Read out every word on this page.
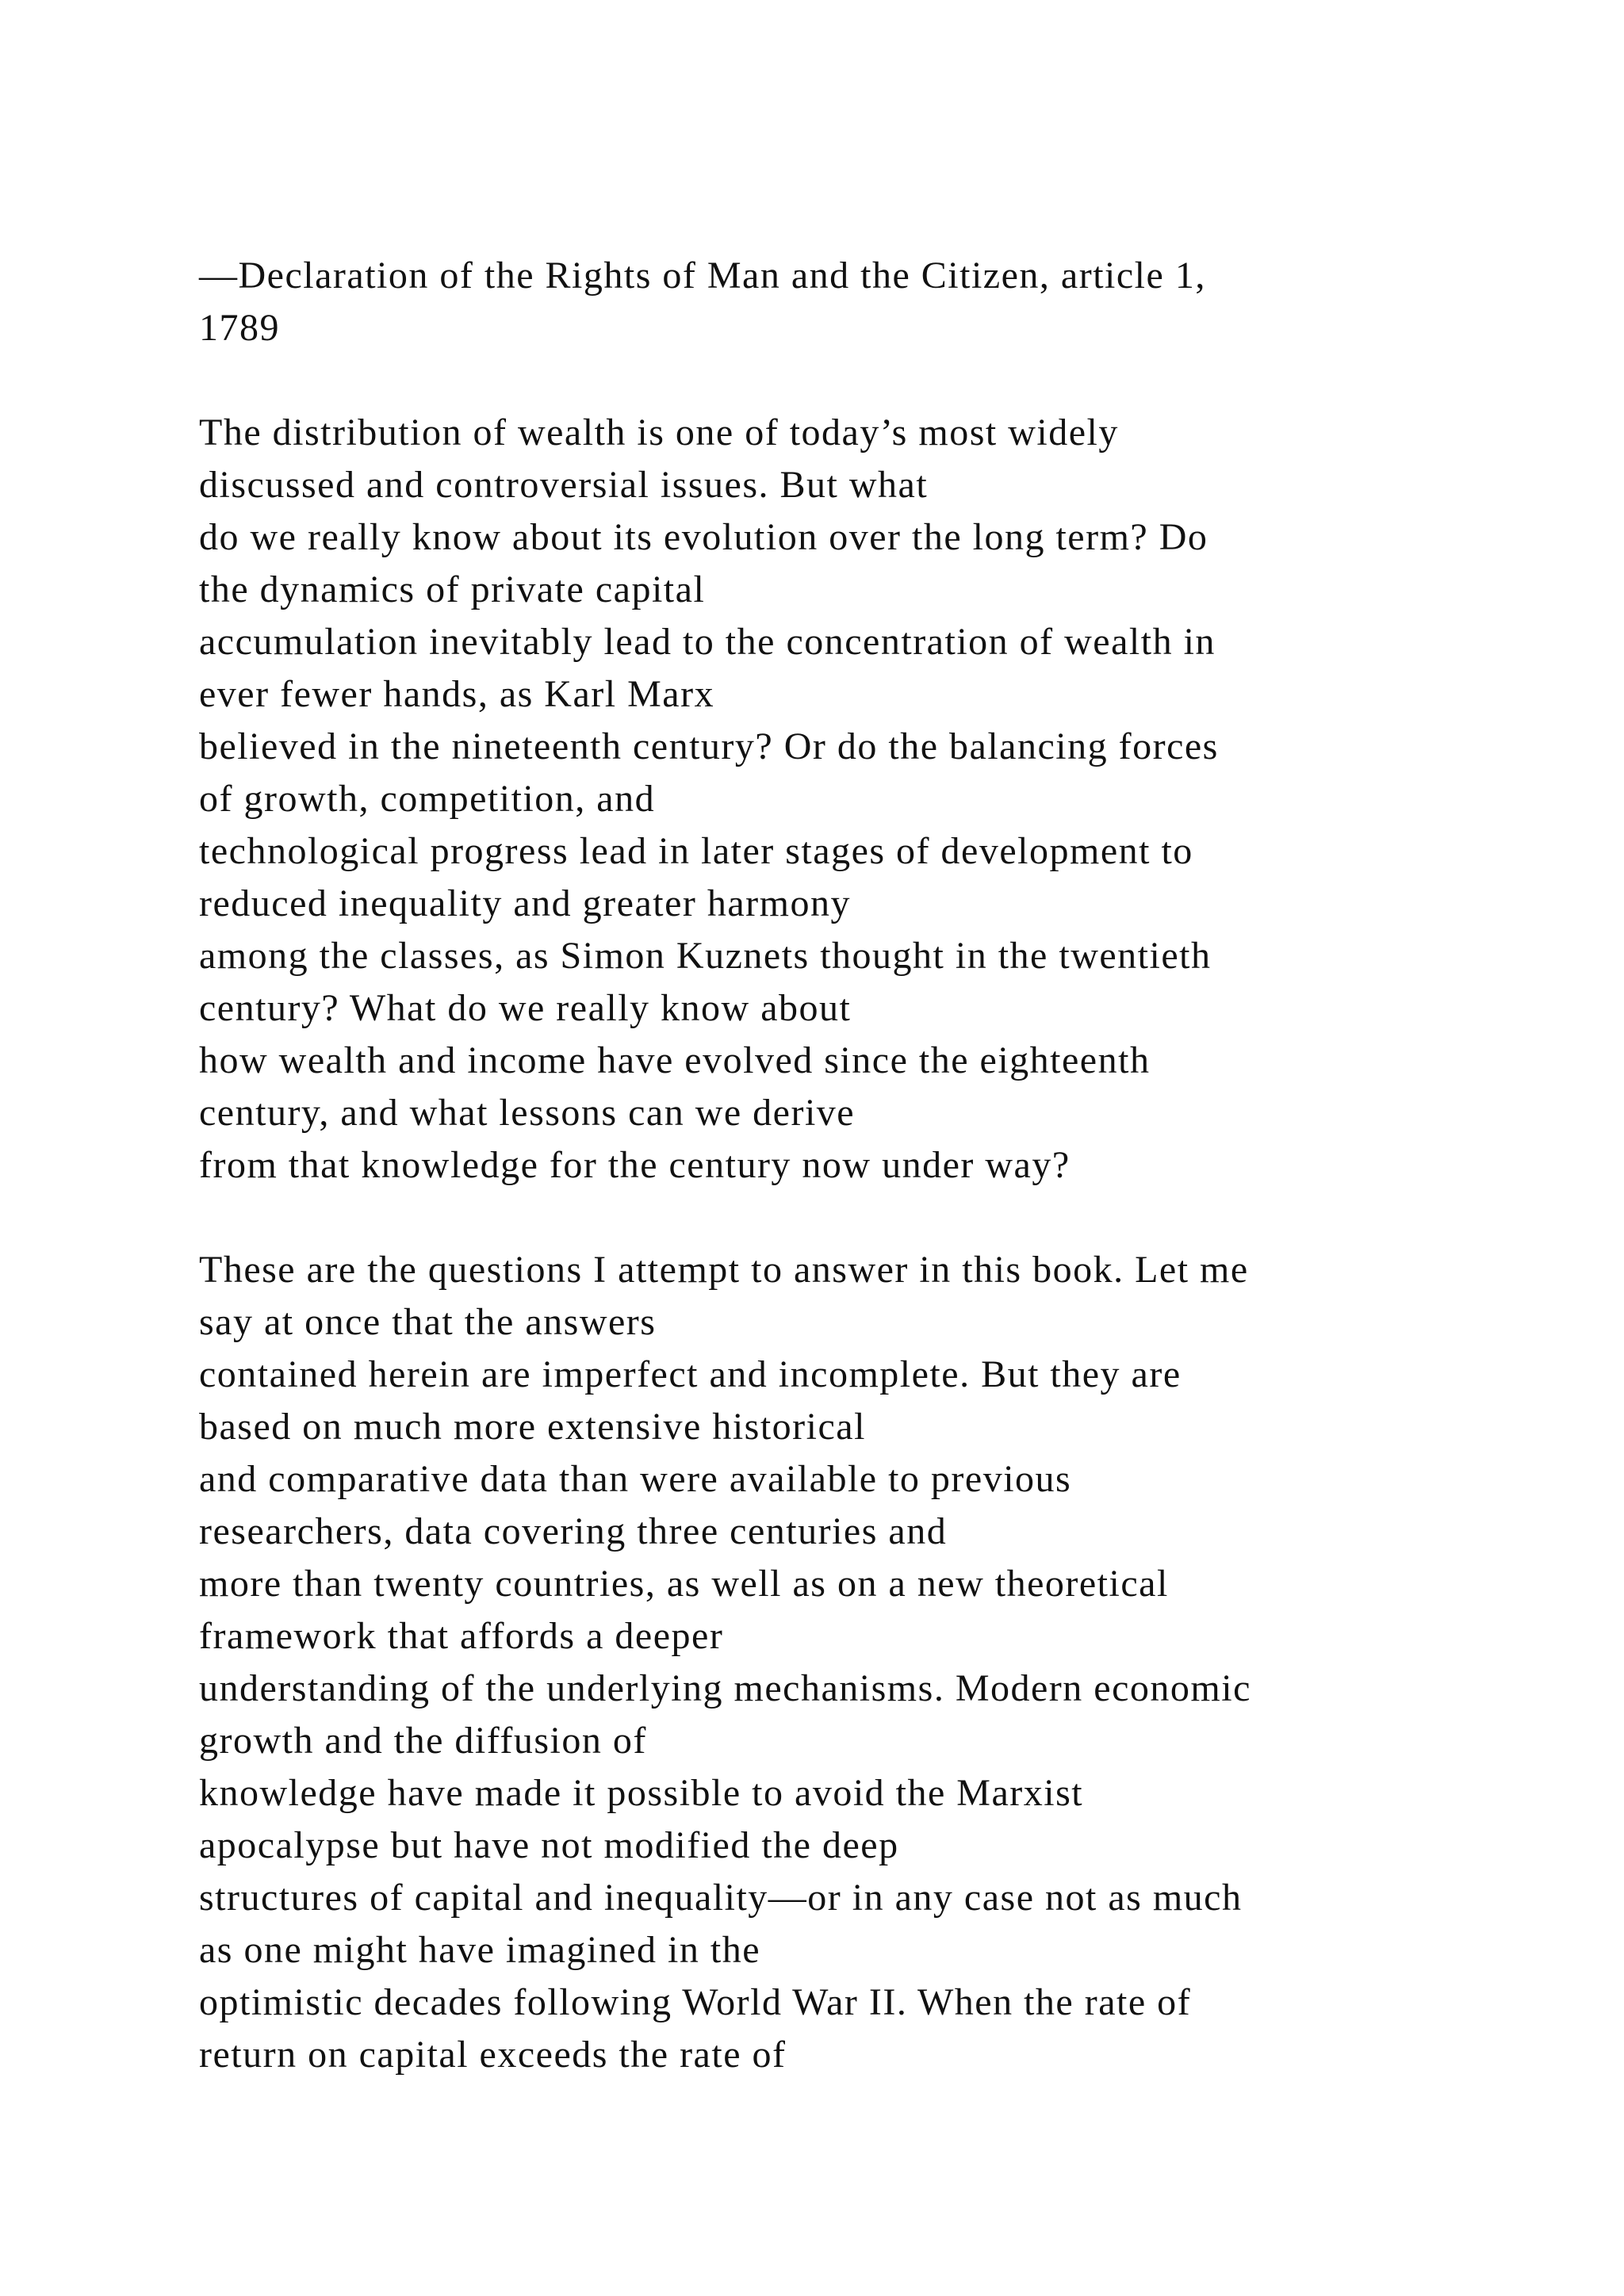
—Declaration of the Rights of Man and the Citizen, article 1,
1789
The distribution of wealth is one of today’s most widely
discussed and controversial issues. But what
do we really know about its evolution over the long term? Do
the dynamics of private capital
accumulation inevitably lead to the concentration of wealth in
ever fewer hands, as Karl Marx
believed in the nineteenth century? Or do the balancing forces
of growth, competition, and
technological progress lead in later stages of development to
reduced inequality and greater harmony
among the classes, as Simon Kuznets thought in the twentieth
century? What do we really know about
how wealth and income have evolved since the eighteenth
century, and what lessons can we derive
from that knowledge for the century now under way?
These are the questions I attempt to answer in this book. Let me
say at once that the answers
contained herein are imperfect and incomplete. But they are
based on much more extensive historical
and comparative data than were available to previous
researchers, data covering three centuries and
more than twenty countries, as well as on a new theoretical
framework that affords a deeper
understanding of the underlying mechanisms. Modern economic
growth and the diffusion of
knowledge have made it possible to avoid the Marxist
apocalypse but have not modified the deep
structures of capital and inequality—or in any case not as much
as one might have imagined in the
optimistic decades following World War II. When the rate of
return on capital exceeds the rate of
